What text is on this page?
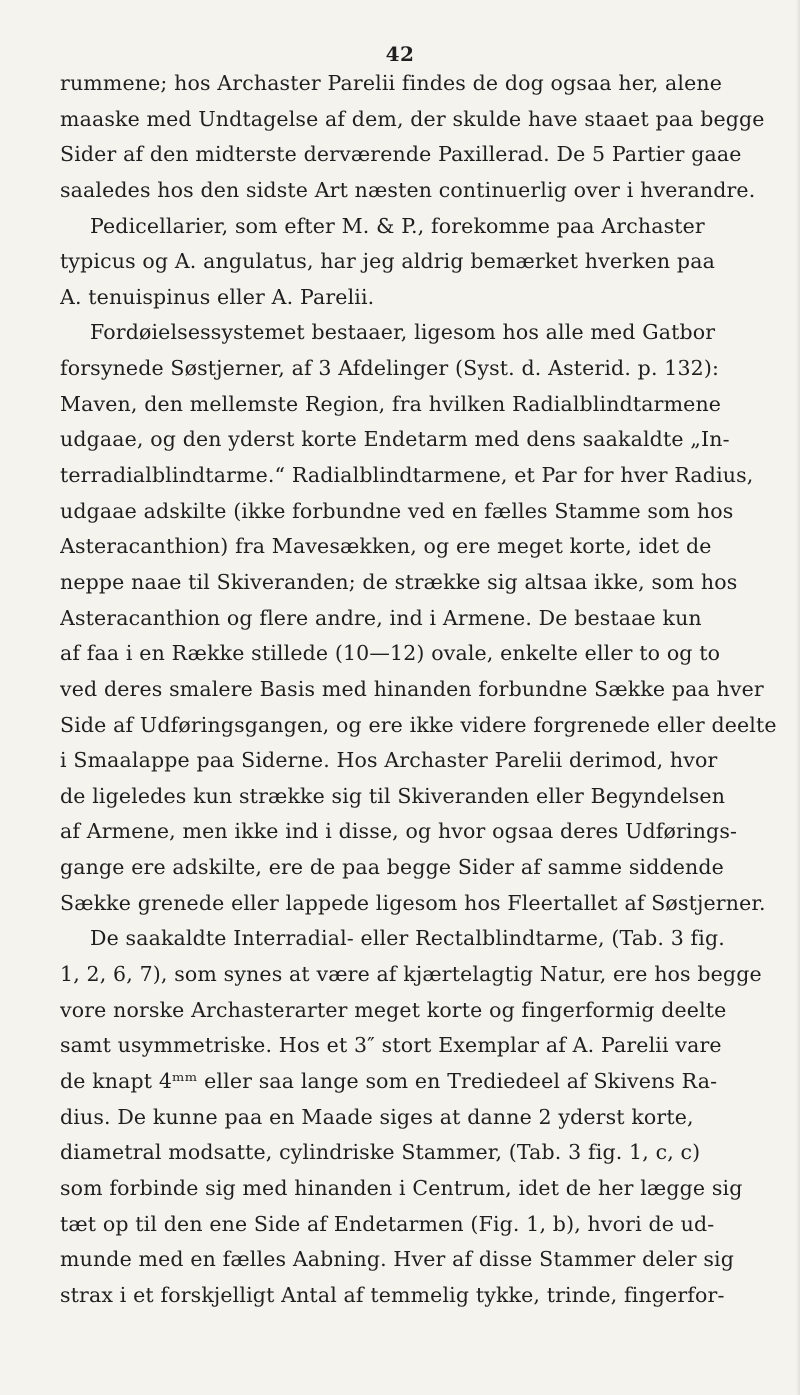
42
rummene; hos Archaster Parelii findes de dog ogsaa her, alene
maaske med Undtagelse af dem, der skulde have staaet paa begge
Sider af den midterste derværende Paxillerad. De 5 Partier gaae
saaledes hos den sidste Art næsten continuerlig over i hverandre.
Pedicellarier, som efter M. & P., forekomme paa Archaster
typicus og A. angulatus, har jeg aldrig bemærket hverken paa
A. tenuispinus eller A. Parelii.
Fordøielsessystemet bestaaer, ligesom hos alle med Gatbor
forsynede Søstjerner, af 3 Afdelinger (Syst. d. Asterid. p. 132):
Maven, den mellemste Region, fra hvilken Radialblindtarmene
udgaae, og den yderst korte Endetarm med dens saakaldte „In-
terradialblindtarme.“ Radialblindtarmene, et Par for hver Radius,
udgaae adskilte (ikke forbundne ved en fælles Stamme som hos
Asteracanthion) fra Mavesækken, og ere meget korte, idet de
neppe naae til Skiveranden; de strække sig altsaa ikke, som hos
Asteracanthion og flere andre, ind i Armene. De bestaae kun
af faa i en Række stillede (10—12) ovale, enkelte eller to og to
ved deres smalere Basis med hinanden forbundne Sække paa hver
Side af Udføringsgangen, og ere ikke videre forgrenede eller deelte
i Smaalappe paa Siderne. Hos Archaster Parelii derimod, hvor
de ligeledes kun strække sig til Skiveranden eller Begyndelsen
af Armene, men ikke ind i disse, og hvor ogsaa deres Udførings-
gange ere adskilte, ere de paa begge Sider af samme siddende
Sække grenede eller lappede ligesom hos Fleertallet af Søstjerner.
De saakaldte Interradial- eller Rectalblindtarme, (Tab. 3 fig.
1, 2, 6, 7), som synes at være af kjærtelagtig Natur, ere hos begge
vore norske Archasterarter meget korte og fingerformig deelte
samt usymmetriske. Hos et 3″ stort Exemplar af A. Parelii vare
de knapt 4ᵐᵐ eller saa lange som en Trediedeel af Skivens Ra-
dius. De kunne paa en Maade siges at danne 2 yderst korte,
diametral modsatte, cylindriske Stammer, (Tab. 3 fig. 1, c, c)
som forbinde sig med hinanden i Centrum, idet de her lægge sig
tæt op til den ene Side af Endetarmen (Fig. 1, b), hvori de ud-
munde med en fælles Aabning. Hver af disse Stammer deler sig
strax i et forskjelligt Antal af temmelig tykke, trinde, fingerfor-
